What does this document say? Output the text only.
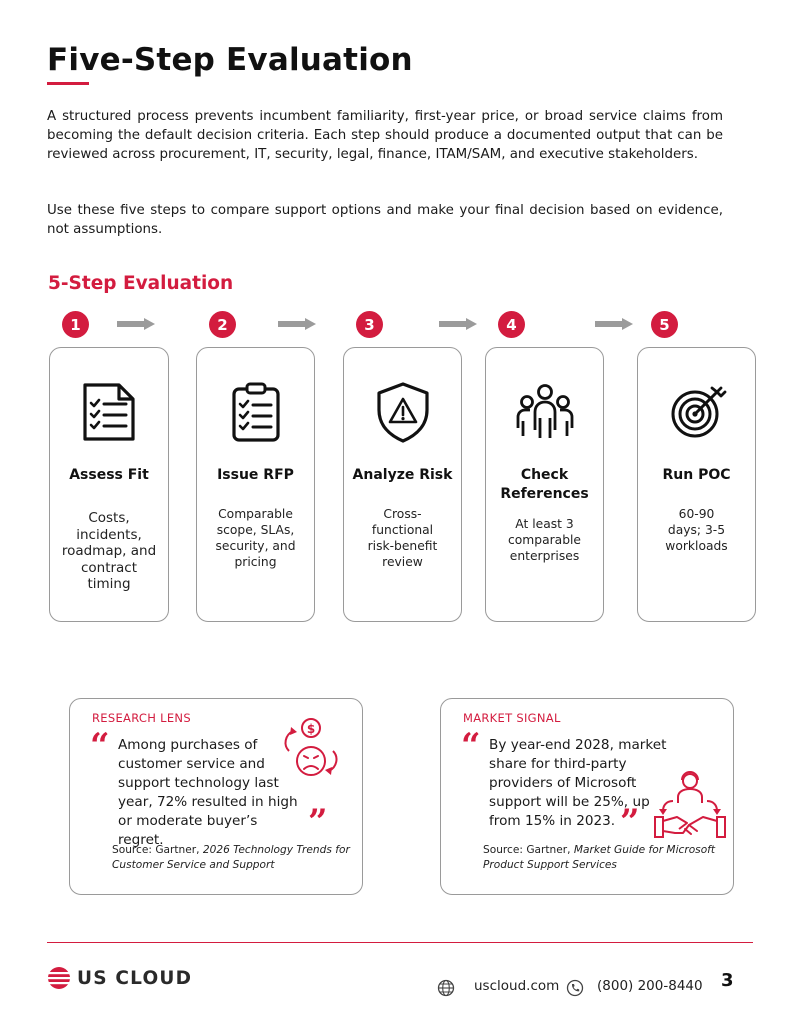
Five-Step Evaluation

A structured process prevents incumbent familiarity, first-year price, or broad service claims from becoming the default decision criteria. Each step should produce a documented output that can be reviewed across procurement, IT, security, legal, finance, ITAM/SAM, and executive stakeholders.

Use these five steps to compare support options and make your final decision based on evidence, not assumptions.

5-Step Evaluation
1	2	3	4	5
Assess Fit
Costs, incidents, roadmap, and contract timing
Issue RFP
Comparable scope, SLAs, security, and pricing
Analyze Risk
Cross-functional risk-benefit review
Check References
At least 3 comparable enterprises
Run POC
60-90 days; 3-5 workloads
RESEARCH LENS
“ Among purchases of customer service and support technology last year, 72% resulted in high or moderate buyer’s regret.	”
$
Source: Gartner, 2026 Technology Trends for Customer Service and Support
MARKET SIGNAL
“ By year-end 2028, market share for third-party providers of Microsoft support will be 25%, up from 15% in 2023. ”
Source: Gartner, Market Guide for Microsoft Product Support Services
US CLOUD	uscloud.com	(800) 200-8440 3
